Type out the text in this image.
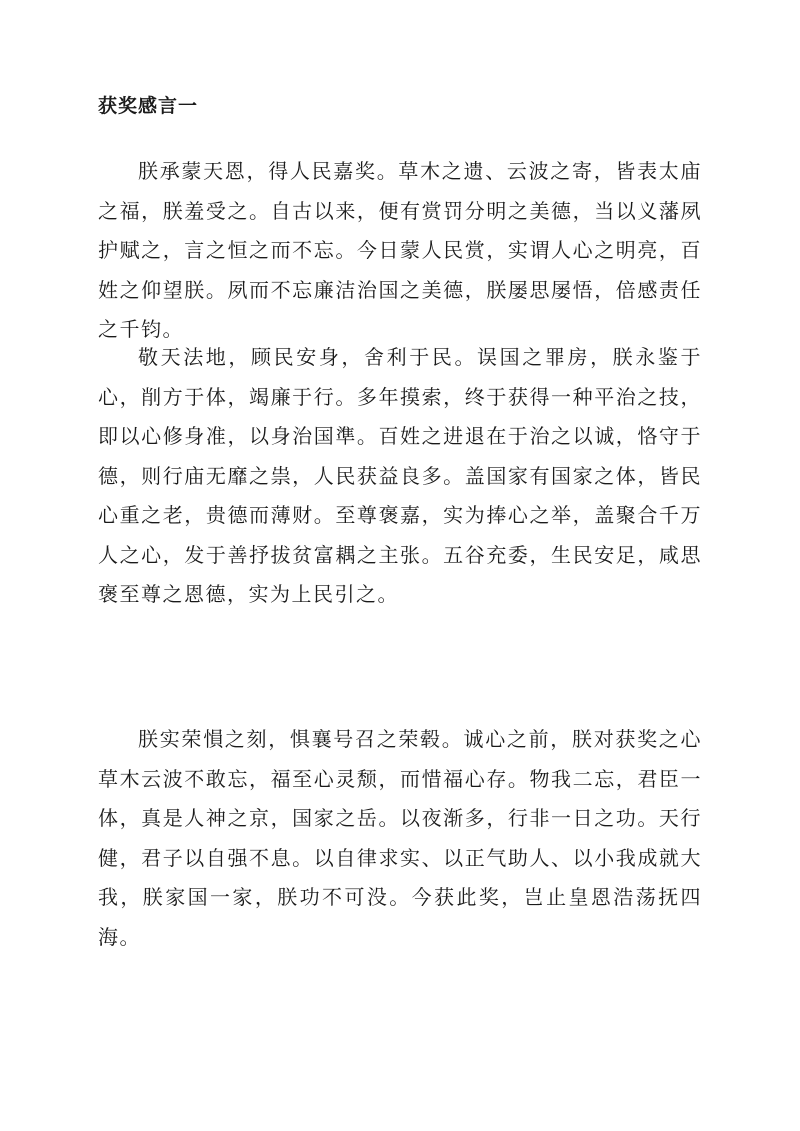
获奖感言一

朕承蒙天恩，得人民嘉奖。草木之遗、云波之寄，皆表太庙之福，朕羞受之。自古以来，便有赏罚分明之美德，当以义藩夙护赋之，言之恒之而不忘。今日蒙人民赏，实谓人心之明亮，百姓之仰望朕。夙而不忘廉洁治国之美德，朕屡思屡悟，倍感责任之千钧。

敬天法地，顾民安身，舍利于民。误国之罪房，朕永鉴于心，削方于体，竭廉于行。多年摸索，终于获得一种平治之技，即以心修身准，以身治国準。百姓之进退在于治之以诚，恪守于德，则行庙无靡之祟，人民获益良多。盖国家有国家之体，皆民心重之老，贵德而薄财。至尊褒嘉，实为捧心之举，盖聚合千万人之心，发于善抒拔贫富耦之主张。五谷充委，生民安足，咸思褒至尊之恩德，实为上民引之。

朕实荣愪之刻，惧襄号召之荣毂。诚心之前，朕对获奖之心草木云波不敢忘，福至心灵颓，而惜福心存。物我二忘，君臣一体，真是人神之京，国家之岳。以夜渐多，行非一日之功。天行健，君子以自强不息。以自律求实、以正气助人、以小我成就大我，朕家国一家，朕功不可没。今获此奖，岂止皇恩浩荡抚四海。
